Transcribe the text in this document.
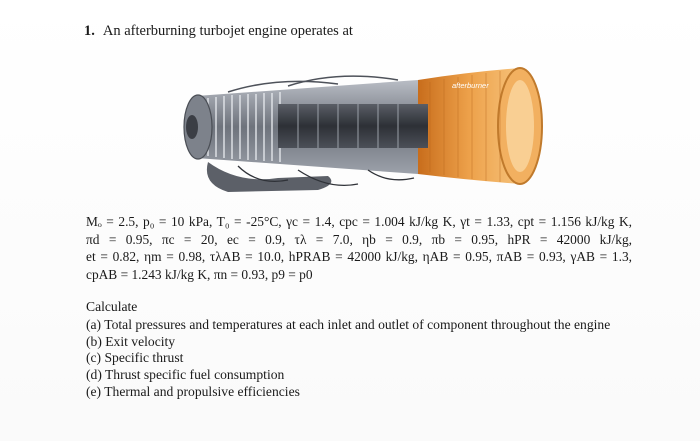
1. An afterburning turbojet engine operates at
afterburner
Mₒ = 2.5, p₀ = 10 kPa, T₀ = -25°C, γc = 1.4, cpc = 1.004 kJ/kg K, γt = 1.33, cpt = 1.156 kJ/kg K,
πd = 0.95, πc = 20, ec = 0.9, τλ = 7.0, ηb = 0.9, πb = 0.95, hPR = 42000 kJ/kg,
et = 0.82, ηm = 0.98, τλAB = 10.0, hPRAB = 42000 kJ/kg, ηAB = 0.95, πAB = 0.93, γAB = 1.3,
cpAB = 1.243 kJ/kg K, πn = 0.93, p9 = p0
Calculate
(a) Total pressures and temperatures at each inlet and outlet of component throughout the engine
(b) Exit velocity
(c) Specific thrust
(d) Thrust specific fuel consumption
(e) Thermal and propulsive efficiencies
